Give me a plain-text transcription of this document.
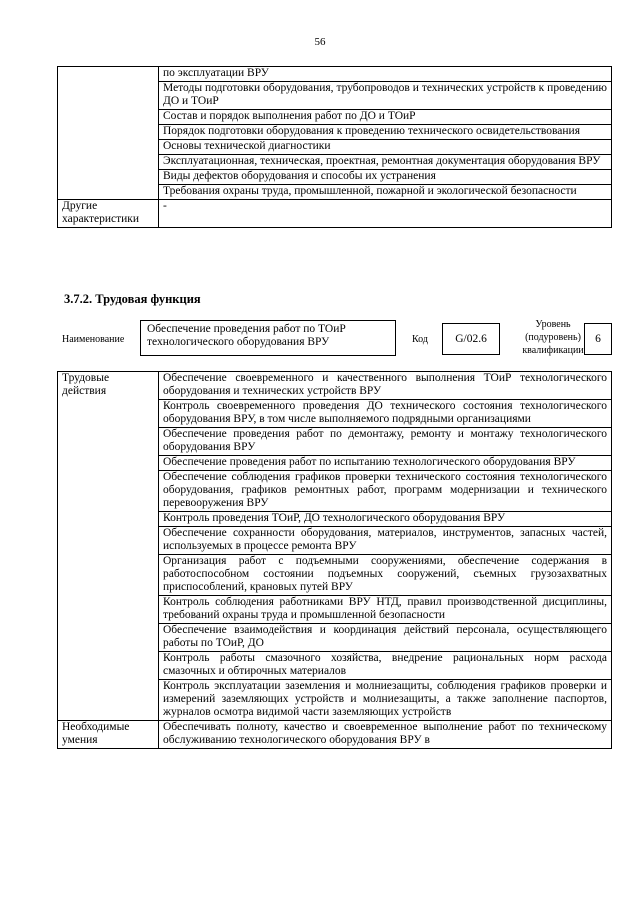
56
	по эксплуатации ВРУ
	Методы подготовки оборудования, трубопроводов и технических устройств к проведению ДО и ТОиР
	Состав и порядок выполнения работ по ДО и ТОиР
	Порядок подготовки оборудования к проведению технического освидетельствования
	Основы технической диагностики
	Эксплуатационная, техническая, проектная, ремонтная документация оборудования ВРУ
	Виды дефектов оборудования и способы их устранения
	Требования охраны труда, промышленной, пожарной и экологической безопасности
Другие характеристики	-
3.7.2. Трудовая функция
Наименование
Обеспечение проведения работ по ТОиР технологического оборудования ВРУ	Код	G/02.6
Уровень
(подуровень)
квалификации
6
Трудовые действия	Обеспечение своевременного и качественного выполнения ТОиР технологического оборудования и технических устройств ВРУ
	Контроль своевременного проведения ДО технического состояния технологического оборудования ВРУ, в том числе выполняемого подрядными организациями
	Обеспечение проведения работ по демонтажу, ремонту и монтажу технологического оборудования ВРУ
	Обеспечение проведения работ по испытанию технологического оборудования ВРУ
	Обеспечение соблюдения графиков проверки технического состояния технологического оборудования, графиков ремонтных работ, программ модернизации и технического перевооружения ВРУ
	Контроль проведения ТОиР, ДО технологического оборудования ВРУ
	Обеспечение сохранности оборудования, материалов, инструментов, запасных частей, используемых в процессе ремонта ВРУ
	Организация работ с подъемными сооружениями, обеспечение содержания в работоспособном состоянии подъемных сооружений, съемных грузозахватных приспособлений, крановых путей ВРУ
	Контроль соблюдения работниками ВРУ НТД, правил производственной дисциплины, требований охраны труда и промышленной безопасности
	Обеспечение взаимодействия и координация действий персонала, осуществляющего работы по ТОиР, ДО
	Контроль работы смазочного хозяйства, внедрение рациональных норм расхода смазочных и обтирочных материалов
	Контроль эксплуатации заземления и молниезащиты, соблюдения графиков проверки и измерений заземляющих устройств и молниезащиты, а также заполнение паспортов, журналов осмотра видимой части заземляющих устройств
Необходимые умения	Обеспечивать полноту, качество и своевременное выполнение работ по техническому обслуживанию технологического оборудования ВРУ в
